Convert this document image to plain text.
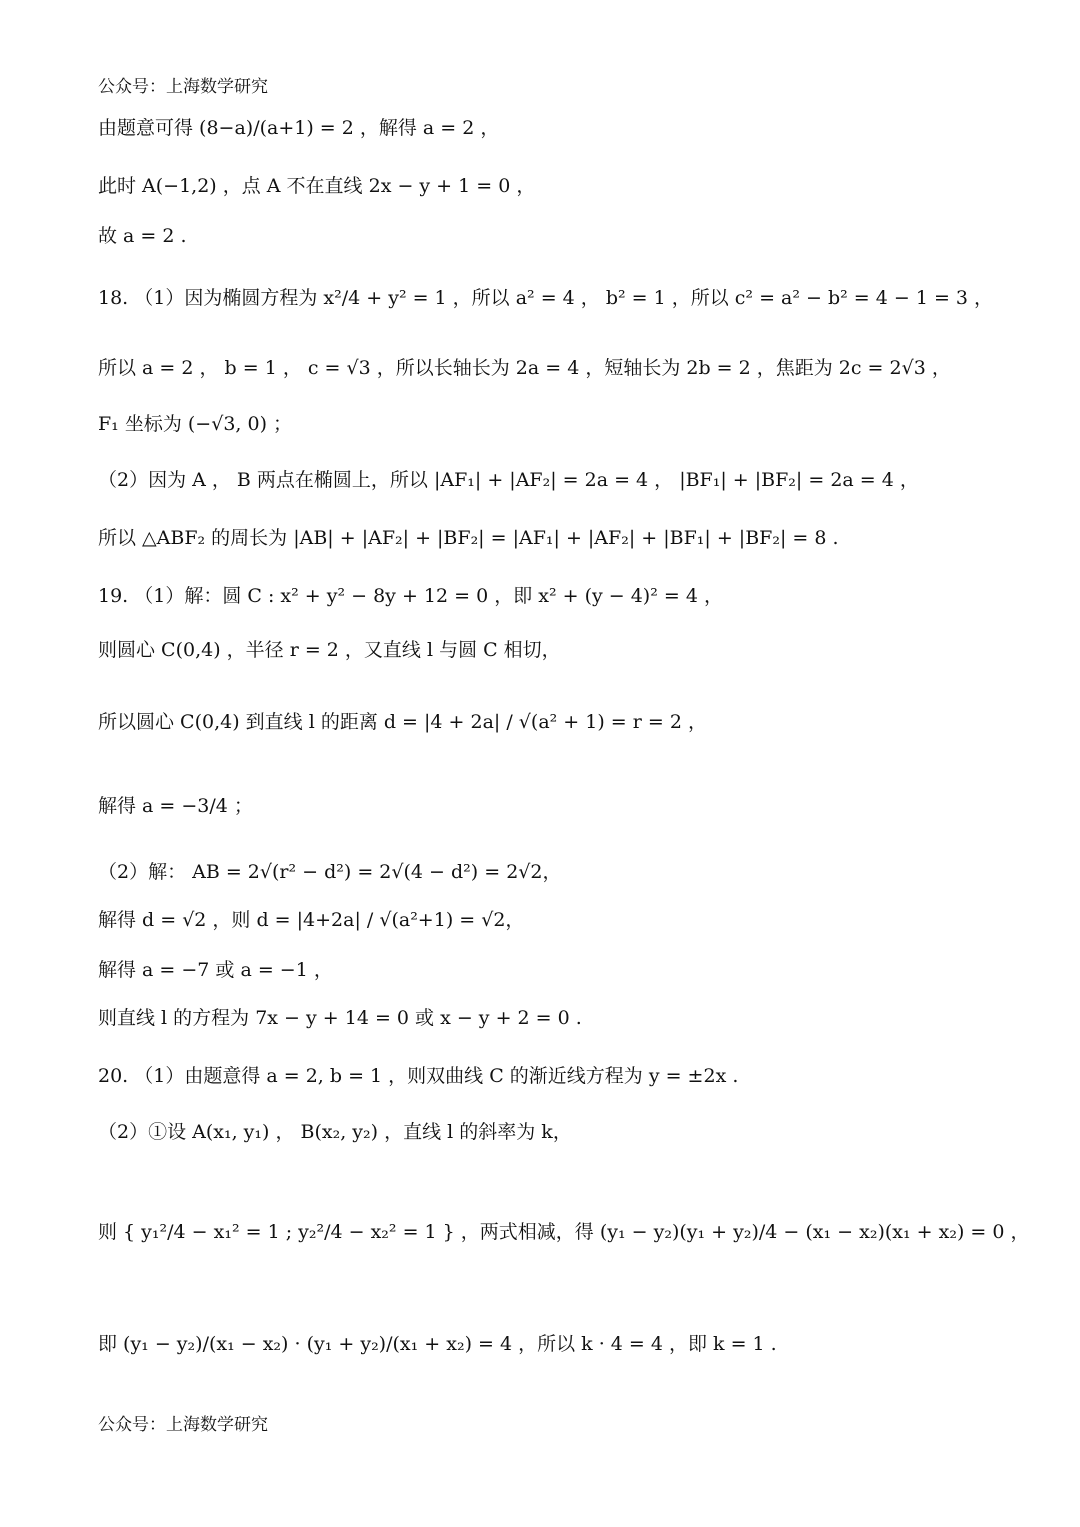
公众号：上海数学研究
由题意可得 (8−a)/(a+1) = 2 ，解得 a = 2 ，
此时 A(−1,2) ，点 A 不在直线 2x − y + 1 = 0 ，
故 a = 2 .
18. （1）因为椭圆方程为 x²/4 + y² = 1 ，所以 a² = 4 ， b² = 1 ，所以 c² = a² − b² = 4 − 1 = 3 ，
所以 a = 2 ， b = 1 ， c = √3 ，所以长轴长为 2a = 4 ，短轴长为 2b = 2 ，焦距为 2c = 2√3 ，
F₁ 坐标为 (−√3, 0) ；
（2）因为 A ， B 两点在椭圆上，所以 |AF₁| + |AF₂| = 2a = 4 ， |BF₁| + |BF₂| = 2a = 4 ，
所以 △ABF₂ 的周长为 |AB| + |AF₂| + |BF₂| = |AF₁| + |AF₂| + |BF₁| + |BF₂| = 8 .
19. （1）解：圆 C : x² + y² − 8y + 12 = 0 ，即 x² + (y − 4)² = 4 ，
则圆心 C(0,4) ，半径 r = 2 ，又直线 l 与圆 C 相切，
所以圆心 C(0,4) 到直线 l 的距离 d = |4 + 2a| / √(a² + 1) = r = 2 ，
解得 a = −3/4 ；
（2）解： AB = 2√(r² − d²) = 2√(4 − d²) = 2√2，
解得 d = √2 ，则 d = |4+2a| / √(a²+1) = √2，
解得 a = −7 或 a = −1 ，
则直线 l 的方程为 7x − y + 14 = 0 或 x − y + 2 = 0 .
20. （1）由题意得 a = 2, b = 1 ，则双曲线 C 的渐近线方程为 y = ±2x .
（2）①设 A(x₁, y₁) ， B(x₂, y₂) ，直线 l 的斜率为 k，
则 { y₁²/4 − x₁² = 1 ; y₂²/4 − x₂² = 1 } ，两式相减，得 (y₁ − y₂)(y₁ + y₂)/4 − (x₁ − x₂)(x₁ + x₂) = 0 ，
即 (y₁ − y₂)/(x₁ − x₂) · (y₁ + y₂)/(x₁ + x₂) = 4 ，所以 k · 4 = 4 ，即 k = 1 .
公众号：上海数学研究
